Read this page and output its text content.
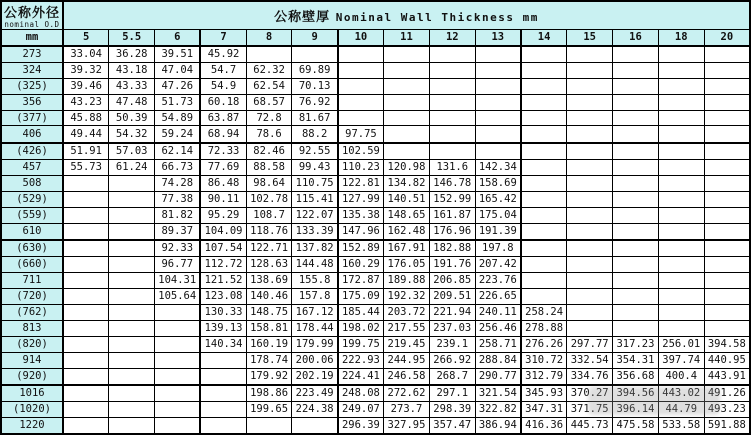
公称外径
nominal O.D	公称壁厚 Nominal Wall Thickness mm														
mm	5	5.5	6	7	8	9	10	11	12	13	14	15	16	18	20
273	33.04	36.28	39.51	45.92											
324	39.32	43.18	47.04	54.7	62.32	69.89									
(325)	39.46	43.33	47.26	54.9	62.54	70.13									
356	43.23	47.48	51.73	60.18	68.57	76.92									
(377)	45.88	50.39	54.89	63.87	72.8	81.67									
406	49.44	54.32	59.24	68.94	78.6	88.2	97.75								
(426)	51.91	57.03	62.14	72.33	82.46	92.55	102.59								
457	55.73	61.24	66.73	77.69	88.58	99.43	110.23	120.98	131.6	142.34					
508			74.28	86.48	98.64	110.75	122.81	134.82	146.78	158.69					
(529)			77.38	90.11	102.78	115.41	127.99	140.51	152.99	165.42					
(559)			81.82	95.29	108.7	122.07	135.38	148.65	161.87	175.04					
610			89.37	104.09	118.76	133.39	147.96	162.48	176.96	191.39					
(630)			92.33	107.54	122.71	137.82	152.89	167.91	182.88	197.8					
(660)			96.77	112.72	128.63	144.48	160.29	176.05	191.76	207.42					
711			104.31	121.52	138.69	155.8	172.87	189.88	206.85	223.76					
(720)			105.64	123.08	140.46	157.8	175.09	192.32	209.51	226.65					
(762)				130.33	148.75	167.12	185.44	203.72	221.94	240.11	258.24				
813				139.13	158.81	178.44	198.02	217.55	237.03	256.46	278.88				
(820)				140.34	160.19	179.99	199.75	219.45	239.1	258.71	276.26	297.77	317.23	256.01	394.58
914					178.74	200.06	222.93	244.95	266.92	288.84	310.72	332.54	354.31	397.74	440.95
(920)					179.92	202.19	224.41	246.58	268.7	290.77	312.79	334.76	356.68	400.4	443.91
1016					198.86	223.49	248.08	272.62	297.1	321.54	345.93	370.27	394.56	443.02	491.26
(1020)					199.65	224.38	249.07	273.7	298.39	322.82	347.31	371.75	396.14	44.79	493.23
1220							296.39	327.95	357.47	386.94	416.36	445.73	475.58	533.58	591.88
